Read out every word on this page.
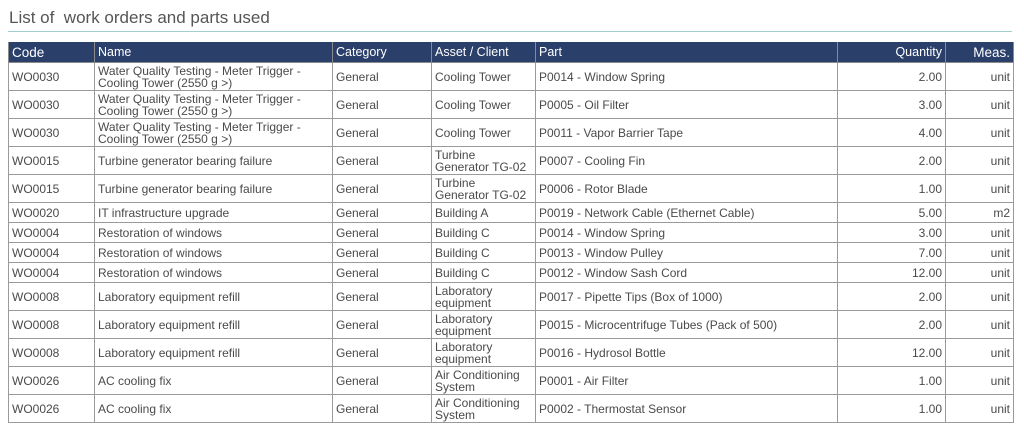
List of  work orders and parts used
Code	Name	Category	Asset / Client	Part	Quantity	Meas.
WO0030	Water Quality Testing - Meter Trigger - Cooling Tower (2550 g >)	General	Cooling Tower	P0014 - Window Spring	2.00	unit
WO0030	Water Quality Testing - Meter Trigger - Cooling Tower (2550 g >)	General	Cooling Tower	P0005 - Oil Filter	3.00	unit
WO0030	Water Quality Testing - Meter Trigger - Cooling Tower (2550 g >)	General	Cooling Tower	P0011 - Vapor Barrier Tape	4.00	unit
WO0015	Turbine generator bearing failure	General	Turbine Generator TG-02	P0007 - Cooling Fin	2.00	unit
WO0015	Turbine generator bearing failure	General	Turbine Generator TG-02	P0006 - Rotor Blade	1.00	unit
WO0020	IT infrastructure upgrade	General	Building A	P0019 - Network Cable (Ethernet Cable)	5.00	m2
WO0004	Restoration of windows	General	Building C	P0014 - Window Spring	3.00	unit
WO0004	Restoration of windows	General	Building C	P0013 - Window Pulley	7.00	unit
WO0004	Restoration of windows	General	Building C	P0012 - Window Sash Cord	12.00	unit
WO0008	Laboratory equipment refill	General	Laboratory equipment	P0017 - Pipette Tips (Box of 1000)	2.00	unit
WO0008	Laboratory equipment refill	General	Laboratory equipment	P0015 - Microcentrifuge Tubes (Pack of 500)	2.00	unit
WO0008	Laboratory equipment refill	General	Laboratory equipment	P0016 - Hydrosol Bottle	12.00	unit
WO0026	AC cooling fix	General	Air Conditioning System	P0001 - Air Filter	1.00	unit
WO0026	AC cooling fix	General	Air Conditioning System	P0002 - Thermostat Sensor	1.00	unit
